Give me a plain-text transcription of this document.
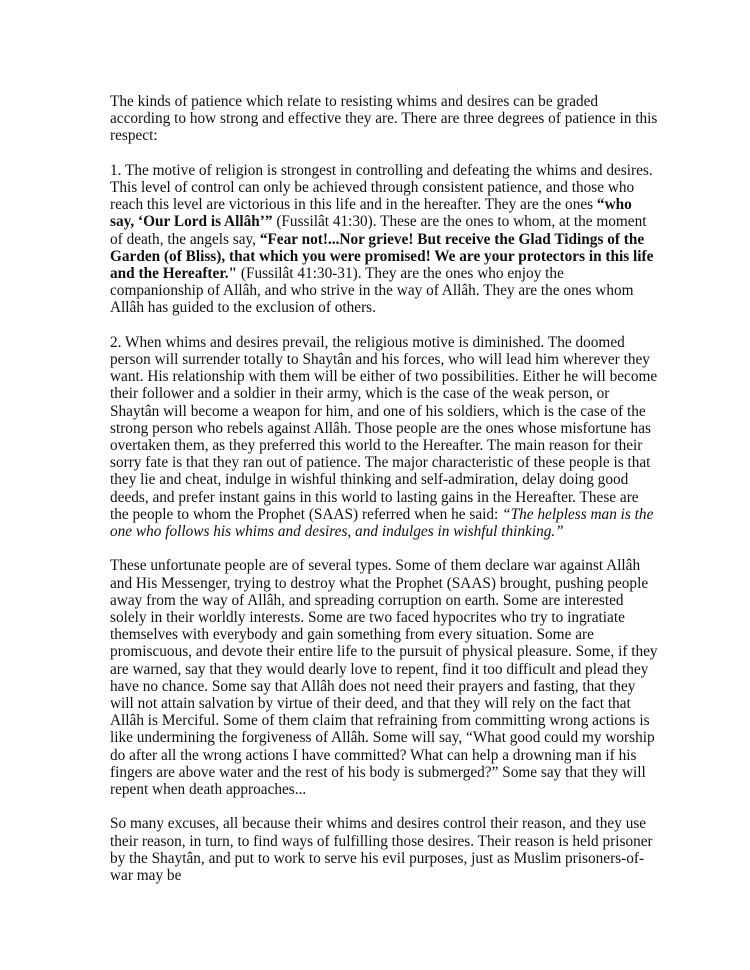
The kinds of patience which relate to resisting whims and desires can be graded
according to how strong and effective they are. There are three degrees of patience in this
respect:

1. The motive of religion is strongest in controlling and defeating the whims and desires.
This level of control can only be achieved through consistent patience, and those who
reach this level are victorious in this life and in the hereafter. They are the ones “who
say, ‘Our Lord is Allâh’” (Fussilât 41:30). These are the ones to whom, at the moment
of death, the angels say, “Fear not!...Nor grieve! But receive the Glad Tidings of the
Garden (of Bliss), that which you were promised! We are your protectors in this life
and the Hereafter." (Fussilât 41:30-31). They are the ones who enjoy the
companionship of Allâh, and who strive in the way of Allâh. They are the ones whom
Allâh has guided to the exclusion of others.

2. When whims and desires prevail, the religious motive is diminished. The doomed
person will surrender totally to Shaytân and his forces, who will lead him wherever they
want. His relationship with them will be either of two possibilities. Either he will become
their follower and a soldier in their army, which is the case of the weak person, or
Shaytân will become a weapon for him, and one of his soldiers, which is the case of the
strong person who rebels against Allâh. Those people are the ones whose misfortune has
overtaken them, as they preferred this world to the Hereafter. The main reason for their
sorry fate is that they ran out of patience. The major characteristic of these people is that
they lie and cheat, indulge in wishful thinking and self-admiration, delay doing good
deeds, and prefer instant gains in this world to lasting gains in the Hereafter. These are
the people to whom the Prophet (SAAS) referred when he said: “The helpless man is the
one who follows his whims and desires, and indulges in wishful thinking.”

These unfortunate people are of several types. Some of them declare war against Allâh
and His Messenger, trying to destroy what the Prophet (SAAS) brought, pushing people
away from the way of Allâh, and spreading corruption on earth. Some are interested
solely in their worldly interests. Some are two faced hypocrites who try to ingratiate
themselves with everybody and gain something from every situation. Some are
promiscuous, and devote their entire life to the pursuit of physical pleasure. Some, if they
are warned, say that they would dearly love to repent, find it too difficult and plead they
have no chance. Some say that Allâh does not need their prayers and fasting, that they
will not attain salvation by virtue of their deed, and that they will rely on the fact that
Allâh is Merciful. Some of them claim that refraining from committing wrong actions is
like undermining the forgiveness of Allâh. Some will say, “What good could my worship
do after all the wrong actions I have committed? What can help a drowning man if his
fingers are above water and the rest of his body is submerged?” Some say that they will
repent when death approaches...

So many excuses, all because their whims and desires control their reason, and they use
their reason, in turn, to find ways of fulfilling those desires. Their reason is held prisoner
by the Shaytân, and put to work to serve his evil purposes, just as Muslim prisoners-of-
war may be
